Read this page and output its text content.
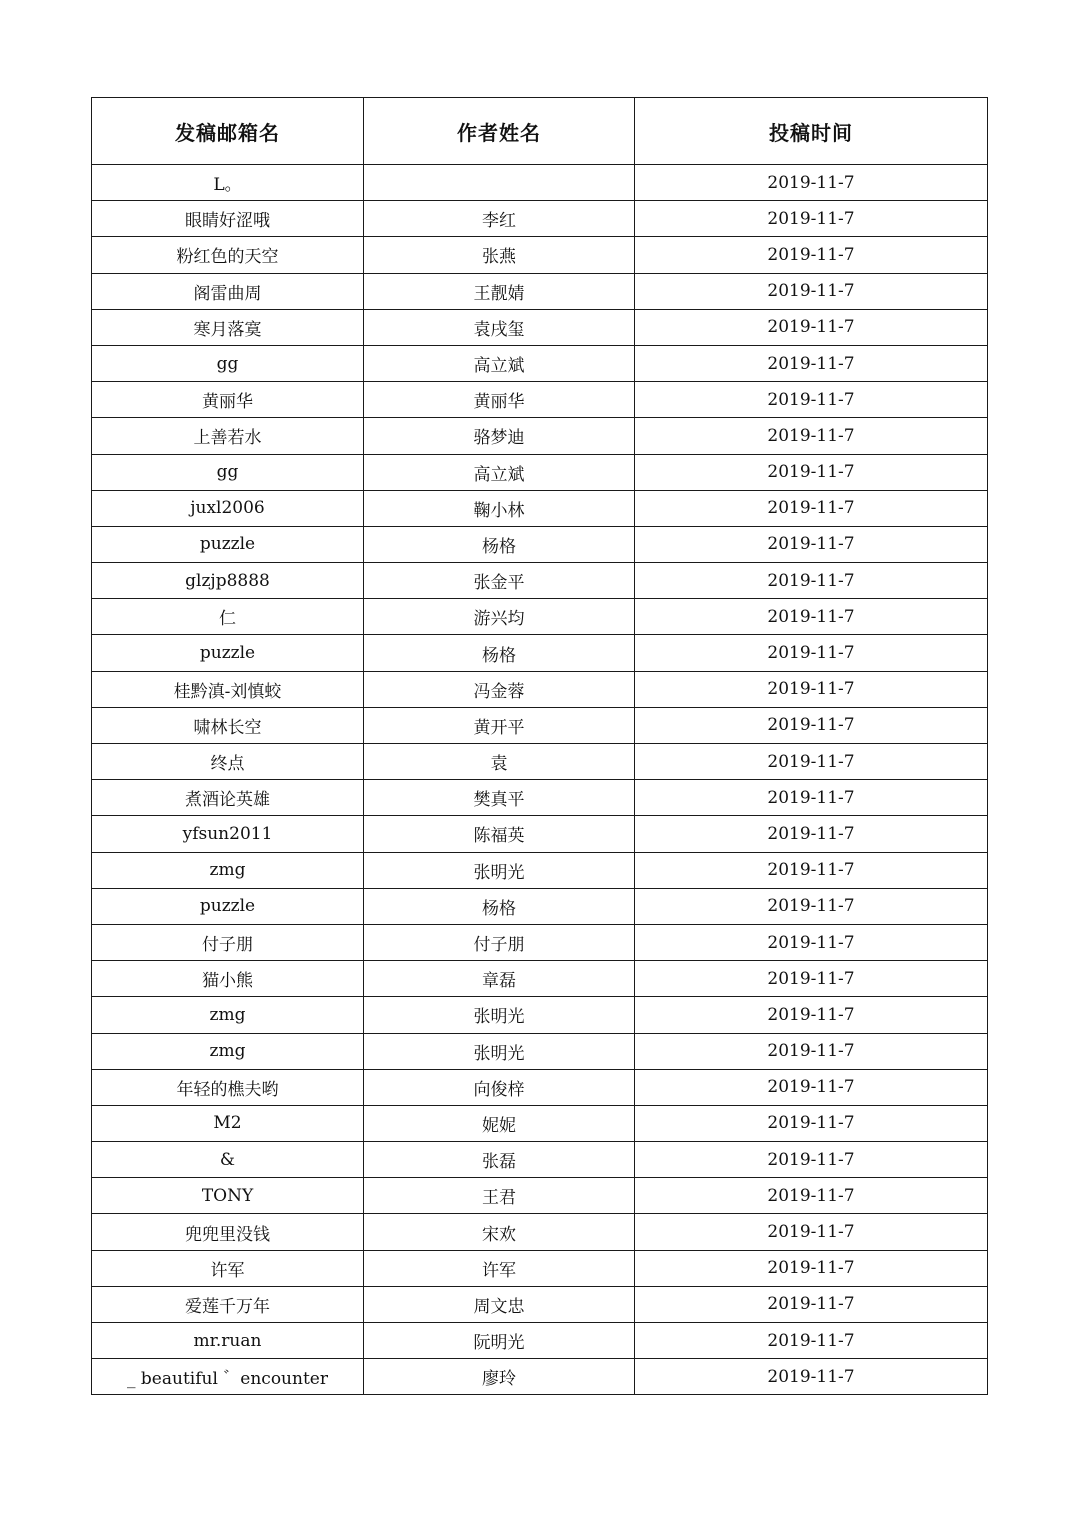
发稿邮箱名	作者姓名	投稿时间
L。		2019-11-7
眼睛好涩哦	李红	2019-11-7
粉红色的天空	张燕	2019-11-7
阁雷曲周	王靓婧	2019-11-7
寒月落寞	袁戌玺	2019-11-7
gg	高立斌	2019-11-7
黄丽华	黄丽华	2019-11-7
上善若水	骆梦迪	2019-11-7
gg	高立斌	2019-11-7
juxl2006	鞠小林	2019-11-7
puzzle	杨格	2019-11-7
glzjp8888	张金平	2019-11-7
仁	游兴均	2019-11-7
puzzle	杨格	2019-11-7
桂黔滇-刘慎蛟	冯金蓉	2019-11-7
啸林长空	黄开平	2019-11-7
终点	袁	2019-11-7
煮酒论英雄	樊真平	2019-11-7
yfsun2011	陈福英	2019-11-7
zmg	张明光	2019-11-7
puzzle	杨格	2019-11-7
付子朋	付子朋	2019-11-7
猫小熊	章磊	2019-11-7
zmg	张明光	2019-11-7
zmg	张明光	2019-11-7
年轻的樵夫哟	向俊梓	2019-11-7
M2	妮妮	2019-11-7
&	张磊	2019-11-7
TONY	王君	2019-11-7
兜兜里没钱	宋欢	2019-11-7
许军	许军	2019-11-7
爱莲千万年	周文忠	2019-11-7
mr.ruan	阮明光	2019-11-7
_ beautiful ゛encounter	廖玲	2019-11-7
